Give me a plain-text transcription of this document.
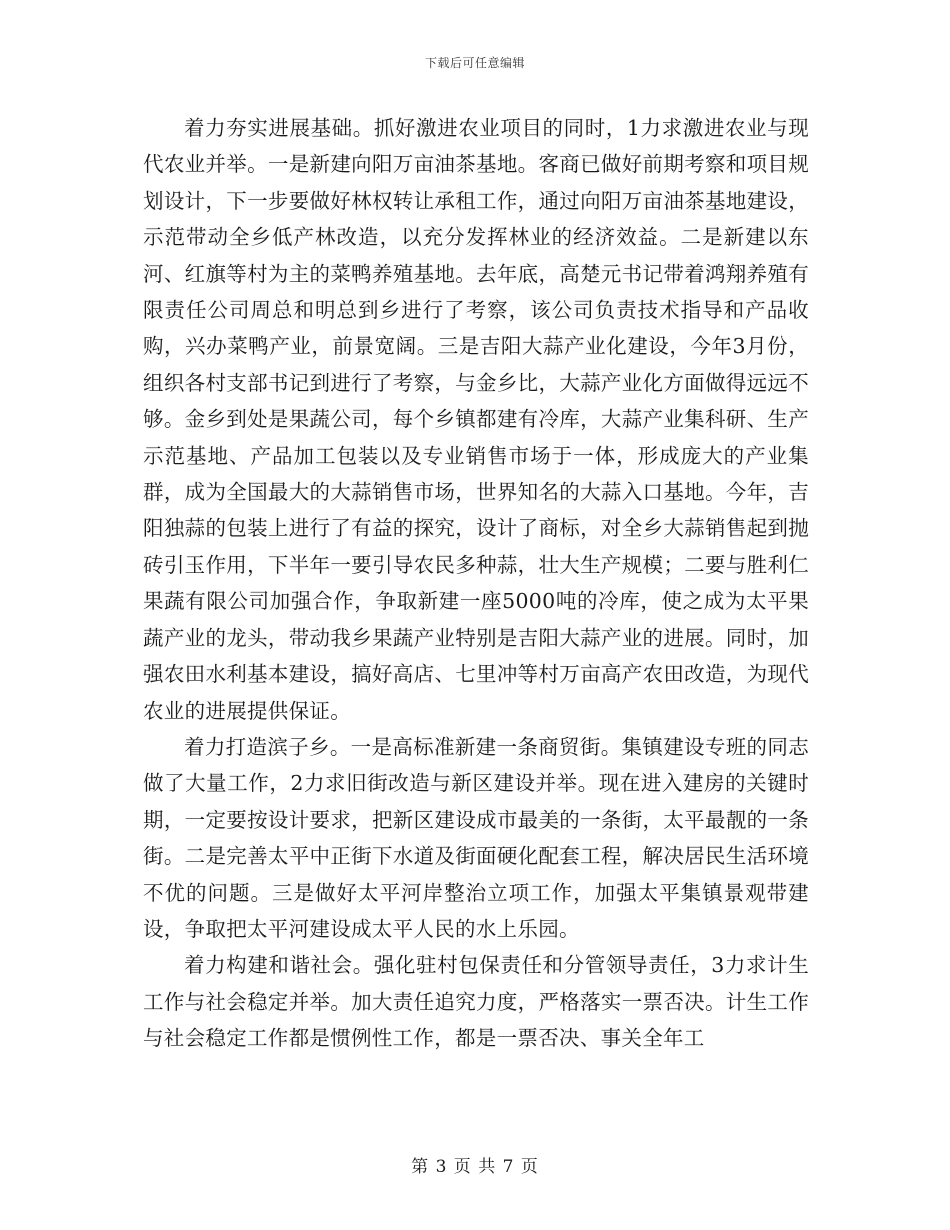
下载后可任意编辑

着力夯实进展基础。抓好激进农业项目的同时，1力求激进农业与现代农业并举。一是新建向阳万亩油茶基地。客商已做好前期考察和项目规划设计，下一步要做好林权转让承租工作，通过向阳万亩油茶基地建设，示范带动全乡低产林改造，以充分发挥林业的经济效益。二是新建以东河、红旗等村为主的菜鸭养殖基地。去年底，高楚元书记带着鸿翔养殖有限责任公司周总和明总到乡进行了考察，该公司负责技术指导和产品收购，兴办菜鸭产业，前景宽阔。三是吉阳大蒜产业化建设，今年3月份，组织各村支部书记到进行了考察，与金乡比，大蒜产业化方面做得远远不够。金乡到处是果蔬公司，每个乡镇都建有冷库，大蒜产业集科研、生产示范基地、产品加工包装以及专业销售市场于一体，形成庞大的产业集群，成为全国最大的大蒜销售市场，世界知名的大蒜入口基地。今年，吉阳独蒜的包装上进行了有益的探究，设计了商标，对全乡大蒜销售起到抛砖引玉作用，下半年一要引导农民多种蒜，壮大生产规模；二要与胜利仁果蔬有限公司加强合作，争取新建一座5000吨的冷库，使之成为太平果蔬产业的龙头，带动我乡果蔬产业特别是吉阳大蒜产业的进展。同时，加强农田水利基本建设，搞好高店、七里冲等村万亩高产农田改造，为现代农业的进展提供保证。

着力打造滨子乡。一是高标准新建一条商贸街。集镇建设专班的同志做了大量工作，2力求旧街改造与新区建设并举。现在进入建房的关键时期，一定要按设计要求，把新区建设成市最美的一条街，太平最靓的一条街。二是完善太平中正街下水道及街面硬化配套工程，解决居民生活环境不优的问题。三是做好太平河岸整治立项工作，加强太平集镇景观带建设，争取把太平河建设成太平人民的水上乐园。

着力构建和谐社会。强化驻村包保责任和分管领导责任，3力求计生工作与社会稳定并举。加大责任追究力度，严格落实一票否决。计生工作与社会稳定工作都是惯例性工作，都是一票否决、事关全年工

第 3 页 共 7 页
